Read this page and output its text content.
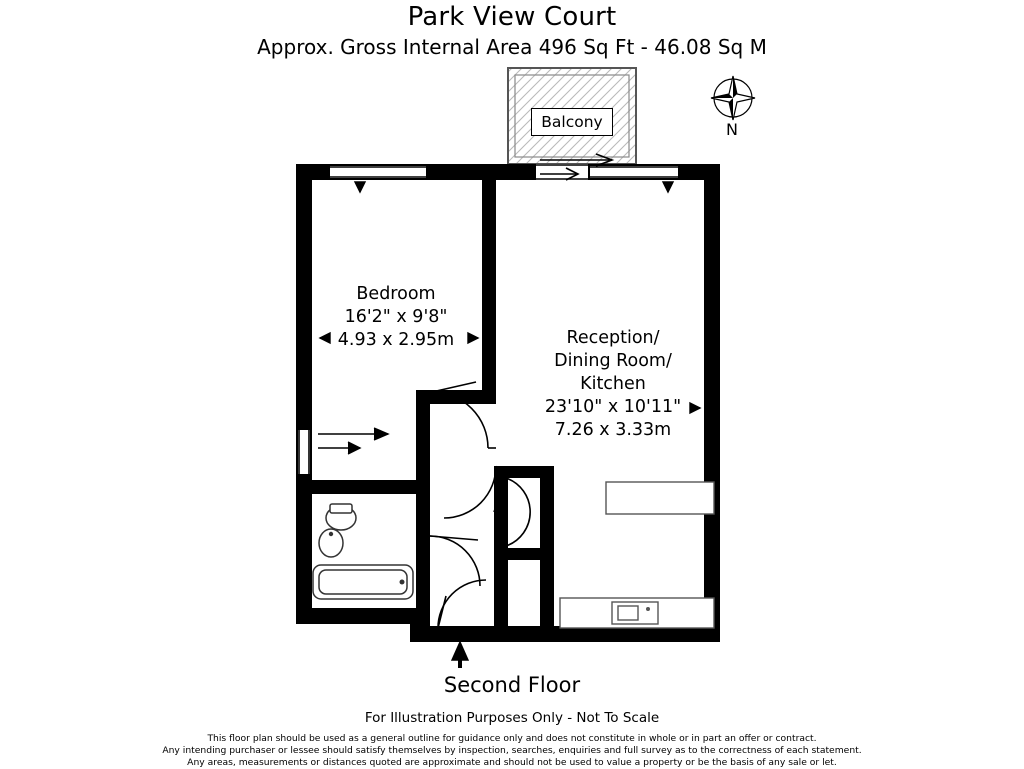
Park View Court
Approx. Gross Internal Area 496 Sq Ft - 46.08 Sq M
Balcony	N
Bedroom
16'2" x 9'8"
4.93 x 2.95m	Reception/
Dining Room/
Kitchen
23'10" x 10'11"
7.26 x 3.33m
Second Floor
For Illustration Purposes Only - Not To Scale
This floor plan should be used as a general outline for guidance only and does not constitute in whole or in part an offer or contract.
Any intending purchaser or lessee should satisfy themselves by inspection, searches, enquiries and full survey as to the correctness of each statement.
Any areas, measurements or distances quoted are approximate and should not be used to value a property or be the basis of any sale or let.
